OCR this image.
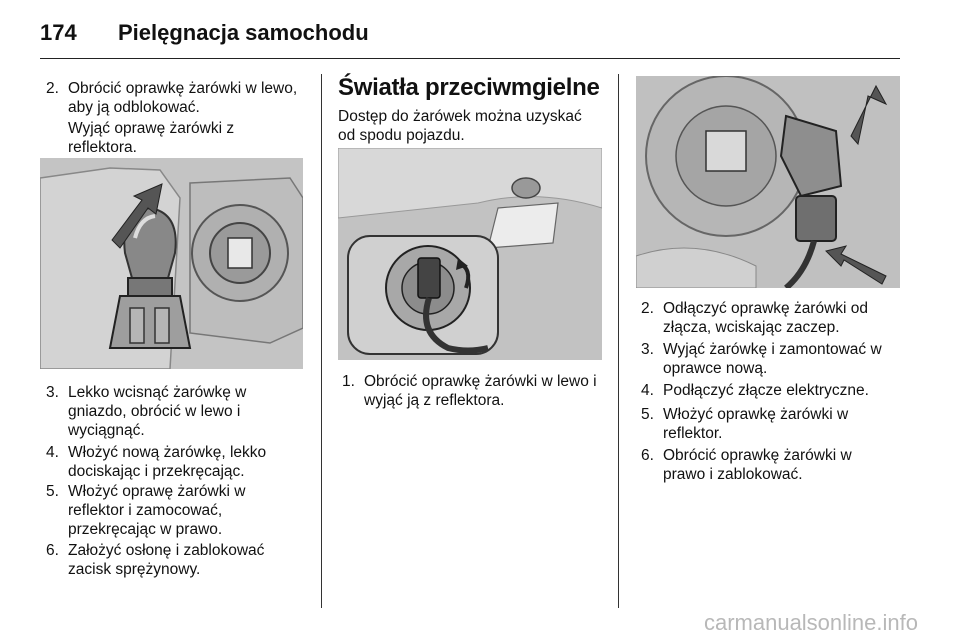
174 Pielęgnacja samochodu
2. Obrócić oprawkę żarówki w lewo,
aby ją odblokować.
Wyjąć oprawę żarówki z
reflektora.
3. Lekko wcisnąć żarówkę w
gniazdo, obrócić w lewo i
wyciągnąć.
4. Włożyć nową żarówkę, lekko
dociskając i przekręcając.
5. Włożyć oprawę żarówki w
reflektor i zamocować,
przekręcając w prawo.
6. Założyć osłonę i zablokować
zacisk sprężynowy.
Światła przeciwmgielne
Dostęp do żarówek można uzyskać
od spodu pojazdu.
1. Obrócić oprawkę żarówki w lewo i
wyjąć ją z reflektora.
2. Odłączyć oprawkę żarówki od
złącza, wciskając zaczep.
3. Wyjąć żarówkę i zamontować w
oprawce nową.
4. Podłączyć złącze elektryczne.
5. Włożyć oprawkę żarówki w
reflektor.
6. Obrócić oprawkę żarówki w
prawo i zablokować.
carmanualsonline.info
